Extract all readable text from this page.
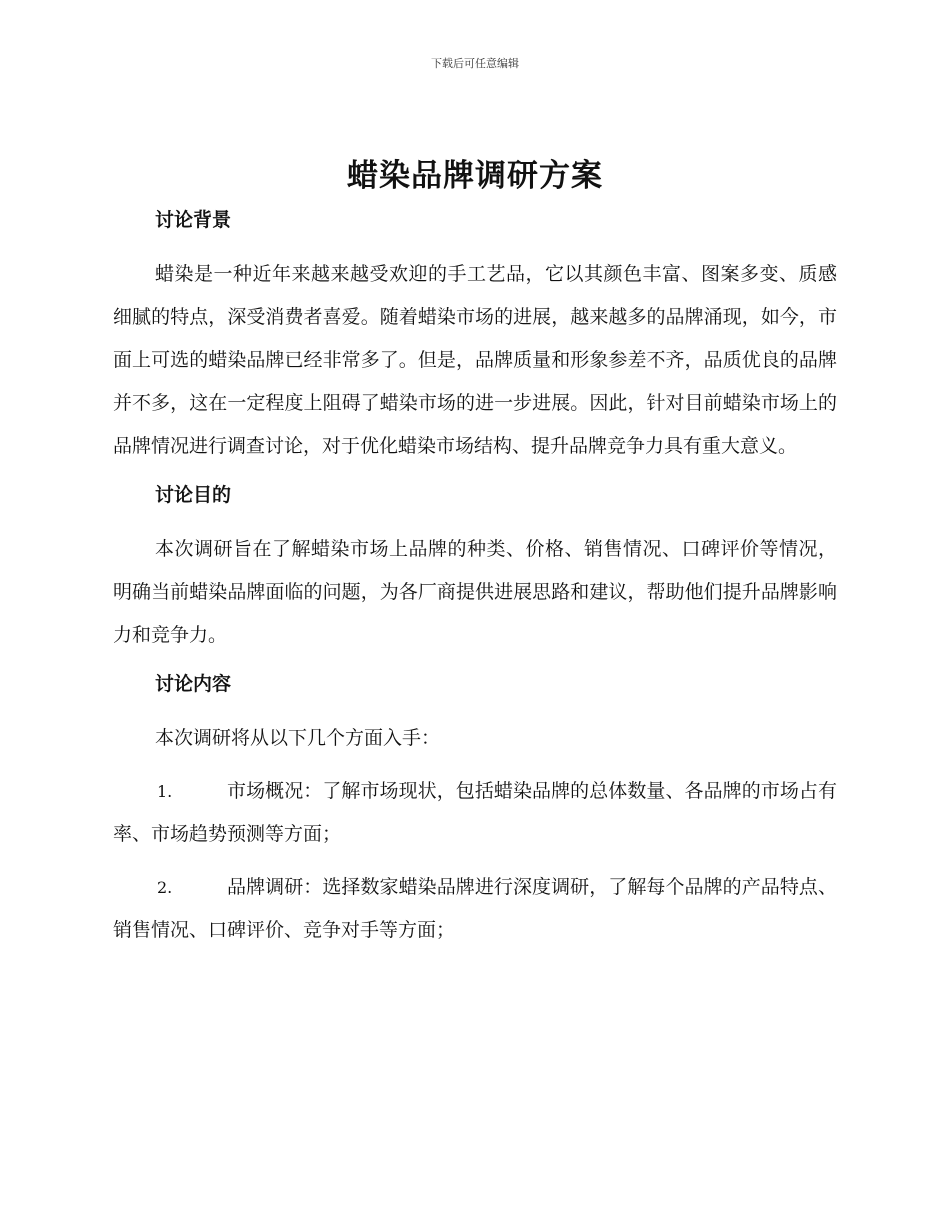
下载后可任意编辑
蜡染品牌调研方案
讨论背景
蜡染是一种近年来越来越受欢迎的手工艺品，它以其颜色丰富、图案多变、质感细腻的特点，深受消费者喜爱。随着蜡染市场的进展，越来越多的品牌涌现，如今，市面上可选的蜡染品牌已经非常多了。但是，品牌质量和形象参差不齐，品质优良的品牌并不多，这在一定程度上阻碍了蜡染市场的进一步进展。因此，针对目前蜡染市场上的品牌情况进行调查讨论，对于优化蜡染市场结构、提升品牌竞争力具有重大意义。
讨论目的
本次调研旨在了解蜡染市场上品牌的种类、价格、销售情况、口碑评价等情况，明确当前蜡染品牌面临的问题，为各厂商提供进展思路和建议，帮助他们提升品牌影响力和竞争力。
讨论内容
本次调研将从以下几个方面入手：
1.	市场概况：了解市场现状，包括蜡染品牌的总体数量、各品牌的市场占有率、市场趋势预测等方面；
2.	品牌调研：选择数家蜡染品牌进行深度调研，了解每个品牌的产品特点、销售情况、口碑评价、竞争对手等方面；
